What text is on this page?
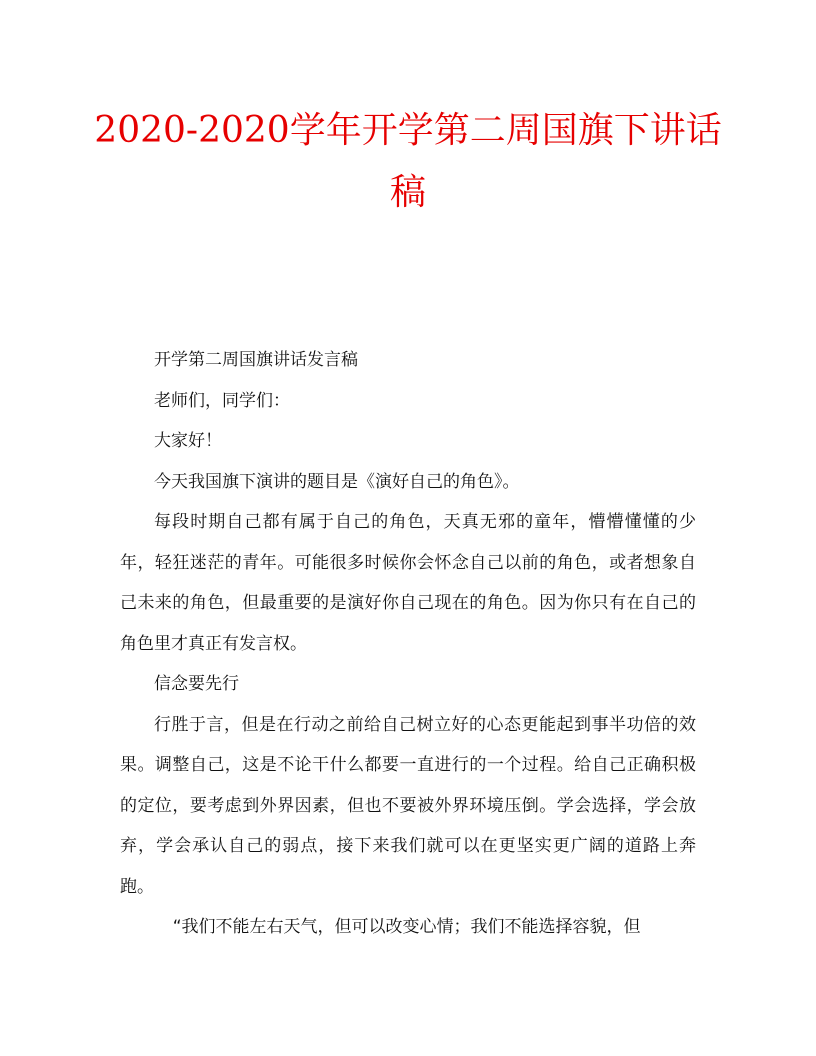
2020-2020学年开学第二周国旗下讲话稿

开学第二周国旗讲话发言稿

老师们，同学们：

大家好！

今天我国旗下演讲的题目是《演好自己的角色》。

每段时期自己都有属于自己的角色，天真无邪的童年，懵懵懂懂的少年，轻狂迷茫的青年。可能很多时候你会怀念自己以前的角色，或者想象自己未来的角色，但最重要的是演好你自己现在的角色。因为你只有在自己的角色里才真正有发言权。

信念要先行

行胜于言，但是在行动之前给自己树立好的心态更能起到事半功倍的效果。调整自己，这是不论干什么都要一直进行的一个过程。给自己正确积极的定位，要考虑到外界因素，但也不要被外界环境压倒。学会选择，学会放弃，学会承认自己的弱点，接下来我们就可以在更坚实更广阔的道路上奔跑。

“我们不能左右天气，但可以改变心情；我们不能选择容貌，但
